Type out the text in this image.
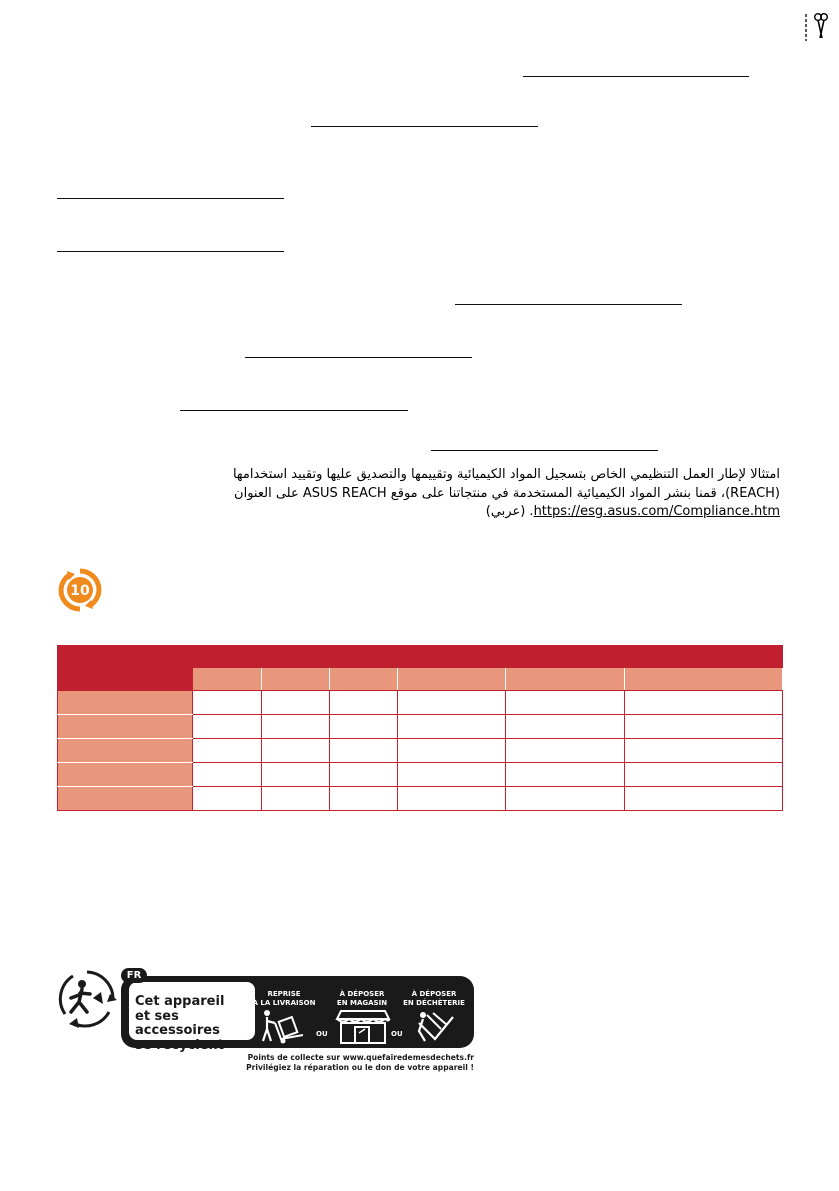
امتثالا لإطار العمل التنظيمي الخاص بتسجيل المواد الكيميائية وتقييمها والتصديق عليها وتقييد استخدامها
(REACH)، قمنا بنشر المواد الكيميائية المستخدمة في منتجاتنا على موقع ASUS REACH على العنوان
https://esg.asus.com/Compliance.htm. (عربي)
10

Cet appareil
et ses accessoires
se recyclent
REPRISE
À LA LIVRAISON
À DÉPOSER
EN MAGASIN
À DÉPOSER
EN DÉCHÈTERIE
OU	OU
FR
Points de collecte sur www.quefairedemesdechets.fr
Privilégiez la réparation ou le don de votre appareil !
